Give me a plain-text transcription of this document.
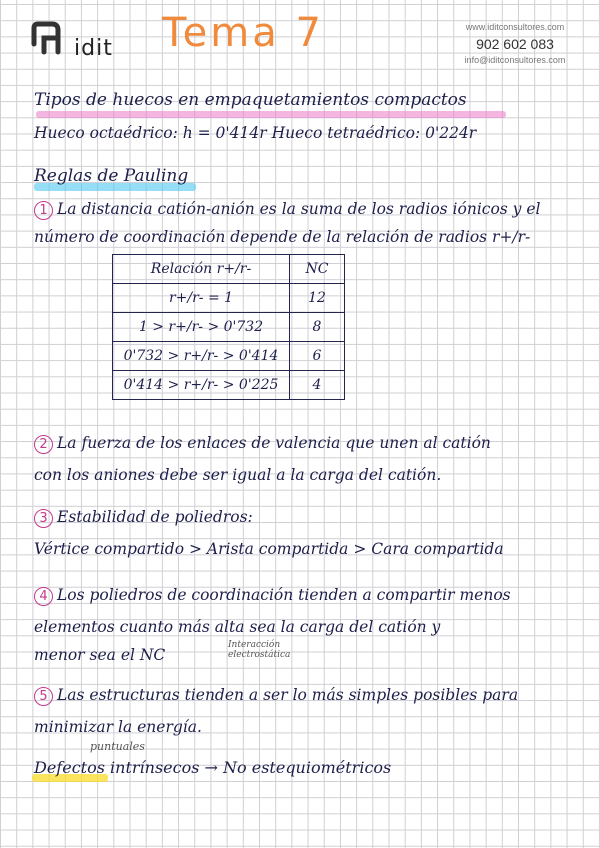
idit Tema 7	www.iditconsultores.com
902 602 083
info@iditconsultores.com
Tipos de huecos en empaquetamientos compactos
Hueco octaédrico: h = 0'414r Hueco tetraédrico: 0'224r
Reglas de Pauling
1 La distancia catión-anión es la suma de los radios iónicos y el
número de coordinación depende de la relación de radios r+/r-
Relación r+/r-	NC
r+/r- = 1	12
1 > r+/r- > 0'732	8
0'732 > r+/r- > 0'414	6
0'414 > r+/r- > 0'225	4
2 La fuerza de los enlaces de valencia que unen al catión
con los aniones debe ser igual a la carga del catión.
3 Estabilidad de poliedros:
Vértice compartido > Arista compartida > Cara compartida
4 Los poliedros de coordinación tienden a compartir menos
elementos cuanto más alta sea la carga del catión y
menor sea el NC
Interacción electrostática
5 Las estructuras tienden a ser lo más simples posibles para
minimizar la energía.
puntuales
Defectos intrínsecos → No estequiométricos
